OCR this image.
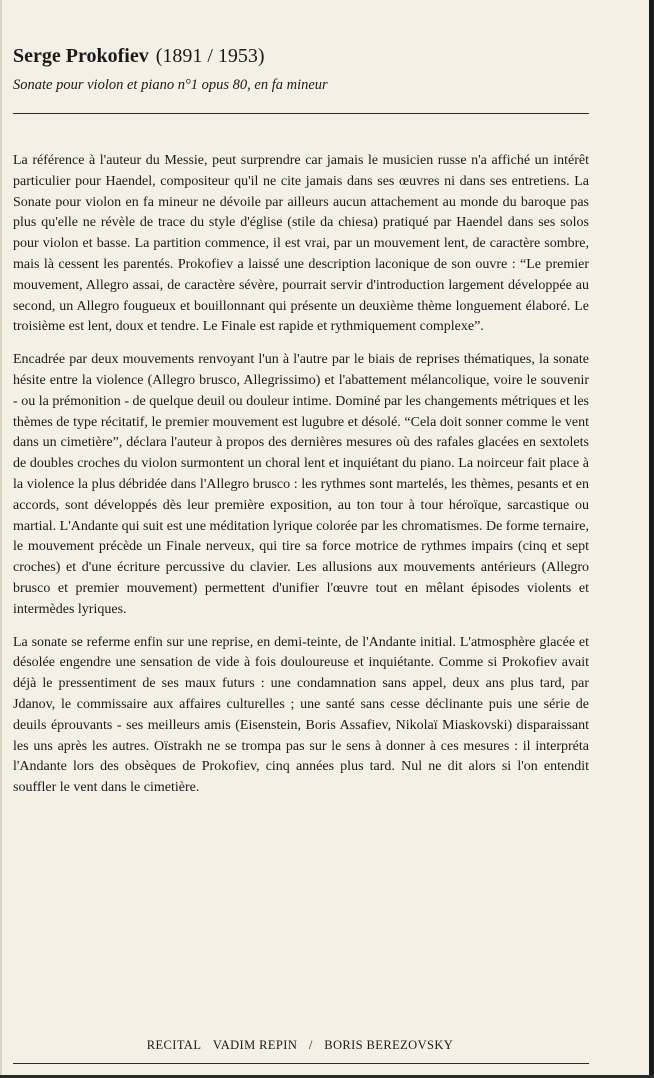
Serge Prokofiev (1891 / 1953)
Sonate pour violon et piano n°1 opus 80, en fa mineur

La référence à l'auteur du Messie, peut surprendre car jamais le musicien russe n'a affiché un intérêt particulier pour Haendel, compositeur qu'il ne cite jamais dans ses œuvres ni dans ses entretiens. La Sonate pour violon en fa mineur ne dévoile par ailleurs aucun attachement au monde du baroque pas plus qu'elle ne révèle de trace du style d'église (stile da chiesa) pratiqué par Haendel dans ses solos pour violon et basse. La partition commence, il est vrai, par un mouvement lent, de caractère sombre, mais là cessent les parentés. Prokofiev a laissé une description laconique de son ouvre : “Le premier mouvement, Allegro assai, de caractère sévère, pourrait servir d'introduction largement développée au second, un Allegro fougueux et bouillonnant qui présente un deuxième thème longuement élaboré. Le troisième est lent, doux et tendre. Le Finale est rapide et rythmiquement complexe”.

Encadrée par deux mouvements renvoyant l'un à l'autre par le biais de reprises thématiques, la sonate hésite entre la violence (Allegro brusco, Allegrissimo) et l'abattement mélancolique, voire le souvenir - ou la prémonition - de quelque deuil ou douleur intime. Dominé par les changements métriques et les thèmes de type récitatif, le premier mouvement est lugubre et désolé. “Cela doit sonner comme le vent dans un cimetière”, déclara l'auteur à propos des dernières mesures où des rafales glacées en sextolets de doubles croches du violon surmontent un choral lent et inquiétant du piano. La noirceur fait place à la violence la plus débridée dans l'Allegro brusco : les rythmes sont martelés, les thèmes, pesants et en accords, sont développés dès leur première exposition, au ton tour à tour héroïque, sarcastique ou martial. L'Andante qui suit est une méditation lyrique colorée par les chromatismes. De forme ternaire, le mouvement précède un Finale nerveux, qui tire sa force motrice de rythmes impairs (cinq et sept croches) et d'une écriture percussive du clavier. Les allusions aux mouvements antérieurs (Allegro brusco et premier mouvement) permettent d'unifier l'œuvre tout en mêlant épisodes violents et intermèdes lyriques.

La sonate se referme enfin sur une reprise, en demi-teinte, de l'Andante initial. L'atmosphère glacée et désolée engendre une sensation de vide à fois douloureuse et inquiétante. Comme si Prokofiev avait déjà le pressentiment de ses maux futurs : une condamnation sans appel, deux ans plus tard, par Jdanov, le commissaire aux affaires culturelles ; une santé sans cesse déclinante puis une série de deuils éprouvants - ses meilleurs amis (Eisenstein, Boris Assafiev, Nikolaï Miaskovski) disparaissant les uns après les autres. Oïstrakh ne se trompa pas sur le sens à donner à ces mesures : il interpréta l'Andante lors des obsèques de Prokofiev, cinq années plus tard. Nul ne dit alors si l'on entendit souffler le vent dans le cimetière.

RECITAL VADIM REPIN / BORIS BEREZOVSKY
